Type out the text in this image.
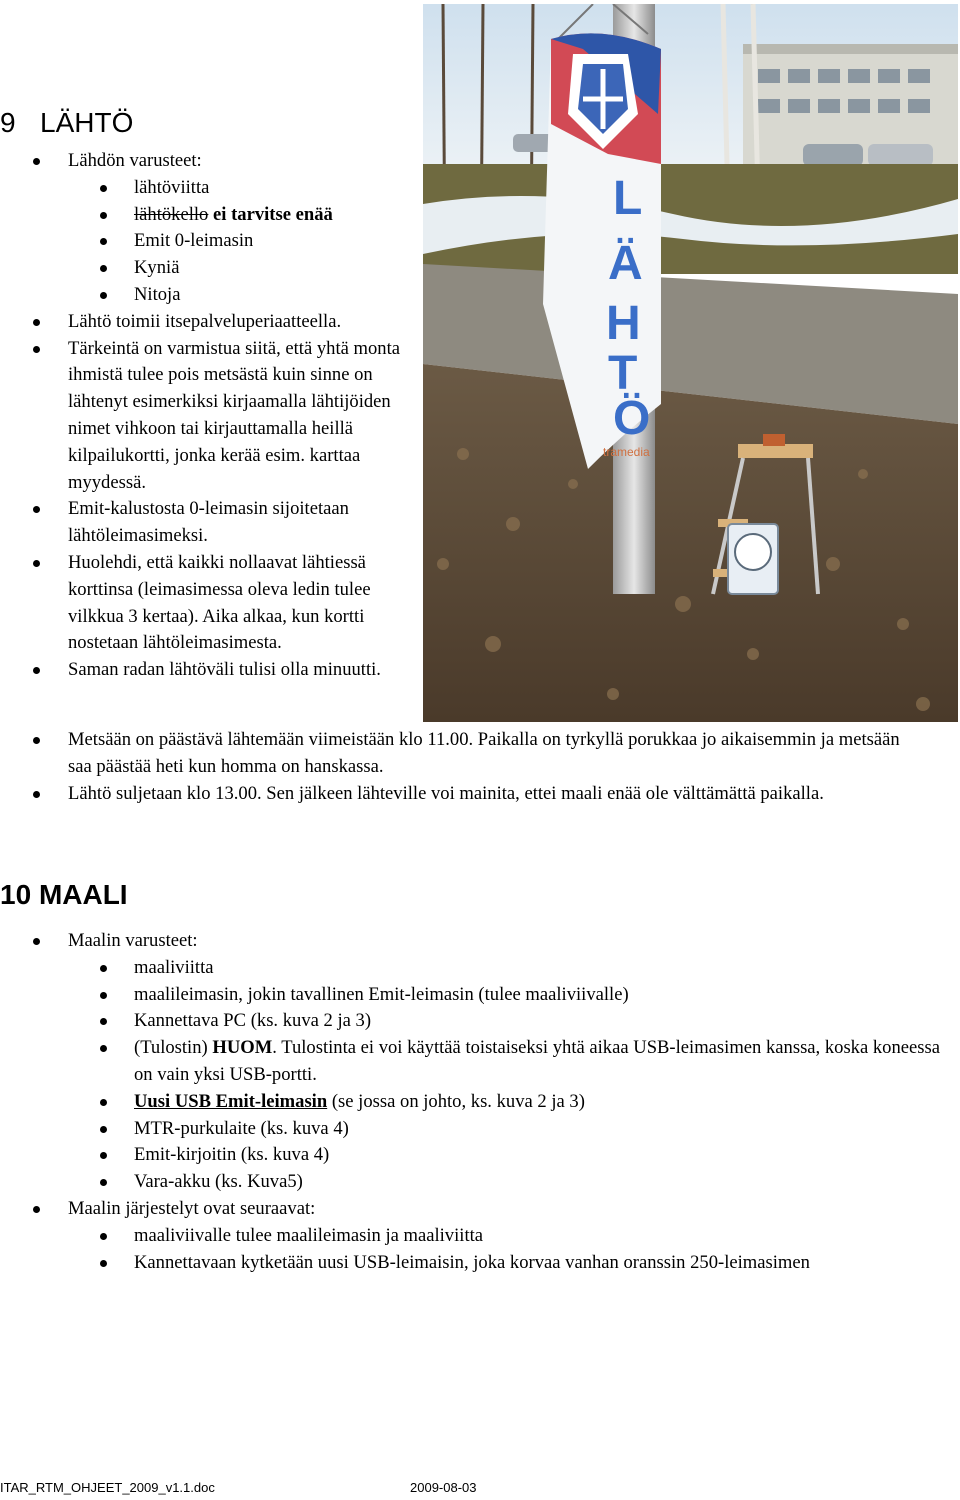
9 LÄHTÖ
Lähdön varusteet:
lähtöviitta
lähtökello ei tarvitse enää
Emit 0-leimasin
Kyniä
Nitoja
Lähtö toimii itsepalveluperiaatteella.
Tärkeintä on varmistua siitä, että yhtä monta ihmistä tulee pois metsästä kuin sinne on lähtenyt esimerkiksi kirjaamalla lähtijöiden nimet vihkoon tai kirjauttamalla heillä kilpailukortti, jonka kerää esim. karttaa myydessä.
Emit-kalustosta 0-leimasin sijoitetaan lähtöleimasimeksi.
Huolehdi, että kaikki nollaavat lähtiessä korttinsa (leimasimessa oleva ledin tulee vilkkua 3 kertaa). Aika alkaa, kun kortti nostetaan lähtöleimasimesta.
Saman radan lähtöväli tulisi olla minuutti.
Metsään on päästävä lähtemään viimeistään klo 11.00. Paikalla on tyrkyllä porukkaa jo aikaisemmin ja metsään saa päästää heti kun homma on hanskassa.
Lähtö suljetaan klo 13.00. Sen jälkeen lähteville voi mainita, ettei maali enää ole välttämättä paikalla.
L
Ä
H
T
Ö
tramedia
10 MAALI
Maalin varusteet:
maaliviitta
maalileimasin, jokin tavallinen Emit-leimasin (tulee maaliviivalle)
Kannettava PC (ks. kuva 2 ja 3)
(Tulostin) HUOM. Tulostinta ei voi käyttää toistaiseksi yhtä aikaa USB-leimasimen kanssa, koska koneessa on vain yksi USB-portti.
Uusi USB Emit-leimasin (se jossa on johto, ks. kuva 2 ja 3)
MTR-purkulaite (ks. kuva 4)
Emit-kirjoitin (ks. kuva 4)
Vara-akku (ks. Kuva5)
Maalin järjestelyt ovat seuraavat:
maaliviivalle tulee maalileimasin ja maaliviitta
Kannettavaan kytketään uusi USB-leimaisin, joka korvaa vanhan oranssin 250-leimasimen
ITAR_RTM_OHJEET_2009_v1.1.doc	2009-08-03
